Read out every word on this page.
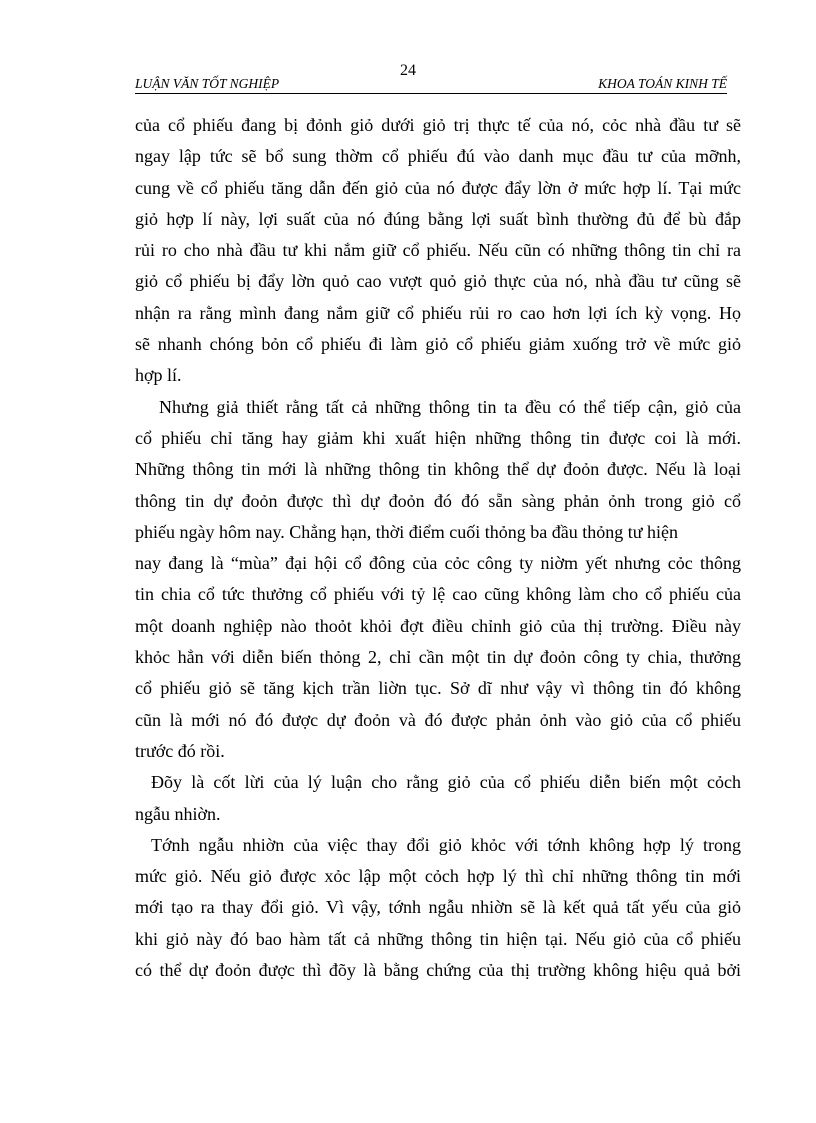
24
LUẬN VĂN TỐT NGHIỆP	KHOA TOÁN KINH TẾ
của cổ phiếu đang bị đỏnh giỏ dưới giỏ trị thực tế của nó, cỏc nhà đầu tư sẽ
ngay lập tức sẽ bổ sung thờm cổ phiếu đú vào danh mục đầu tư của mỡnh,
cung về cổ phiếu tăng dẫn đến giỏ của nó được đẩy lờn ở mức hợp lí. Tại mức
giỏ hợp lí này, lợi suất của nó đúng bằng lợi suất bình thường đủ để bù đắp
rủi ro cho nhà đầu tư khi nắm giữ cổ phiếu. Nếu cũn có những thông tin chỉ ra
giỏ cổ phiếu bị đẩy lờn quỏ cao vượt quỏ giỏ thực của nó, nhà đầu tư cũng sẽ
nhận ra rằng mình đang nắm giữ cổ phiếu rủi ro cao hơn lợi ích kỳ vọng. Họ
sẽ nhanh chóng bỏn cổ phiếu đi làm giỏ cổ phiếu giảm xuống trở về mức giỏ
hợp lí.
Nhưng giả thiết rằng tất cả những thông tin ta đều có thể tiếp cận, giỏ của
cổ phiếu chỉ tăng hay giảm khi xuất hiện những thông tin được coi là mới.
Những thông tin mới là những thông tin không thể dự đoỏn được. Nếu là loại
thông tin dự đoỏn được thì dự đoỏn đó đó sẵn sàng phản ỏnh trong giỏ cổ
phiếu ngày hôm nay. Chẳng hạn, thời điểm cuối thỏng ba đầu thỏng tư hiện
nay đang là “mùa” đại hội cổ đông của cỏc công ty niờm yết nhưng cỏc thông
tin chia cổ tức thưởng cổ phiếu với tỷ lệ cao cũng không làm cho cổ phiếu của
một doanh nghiệp nào thoỏt khỏi đợt điều chỉnh giỏ của thị trường. Điều này
khỏc hẳn với diễn biến thỏng 2, chỉ cần một tin dự đoỏn công ty chia, thưởng
cổ phiếu giỏ sẽ tăng kịch trần liờn tục. Sở dĩ như vậy vì thông tin đó không
cũn là mới nó đó được dự đoỏn và đó được phản ỏnh vào giỏ của cổ phiếu
trước đó rồi.
Đõy là cốt lừi của lý luận cho rằng giỏ của cổ phiếu diễn biến một cỏch
ngẫu nhiờn.
Tớnh ngẫu nhiờn của việc thay đổi giỏ khỏc với tớnh không hợp lý trong
mức giỏ. Nếu giỏ được xỏc lập một cỏch hợp lý thì chỉ những thông tin mới
mới tạo ra thay đổi giỏ. Vì vậy, tớnh ngẫu nhiờn sẽ là kết quả tất yếu của giỏ
khi giỏ này đó bao hàm tất cả những thông tin hiện tại. Nếu giỏ của cổ phiếu
có thể dự đoỏn được thì đõy là bằng chứng của thị trường không hiệu quả bởi
